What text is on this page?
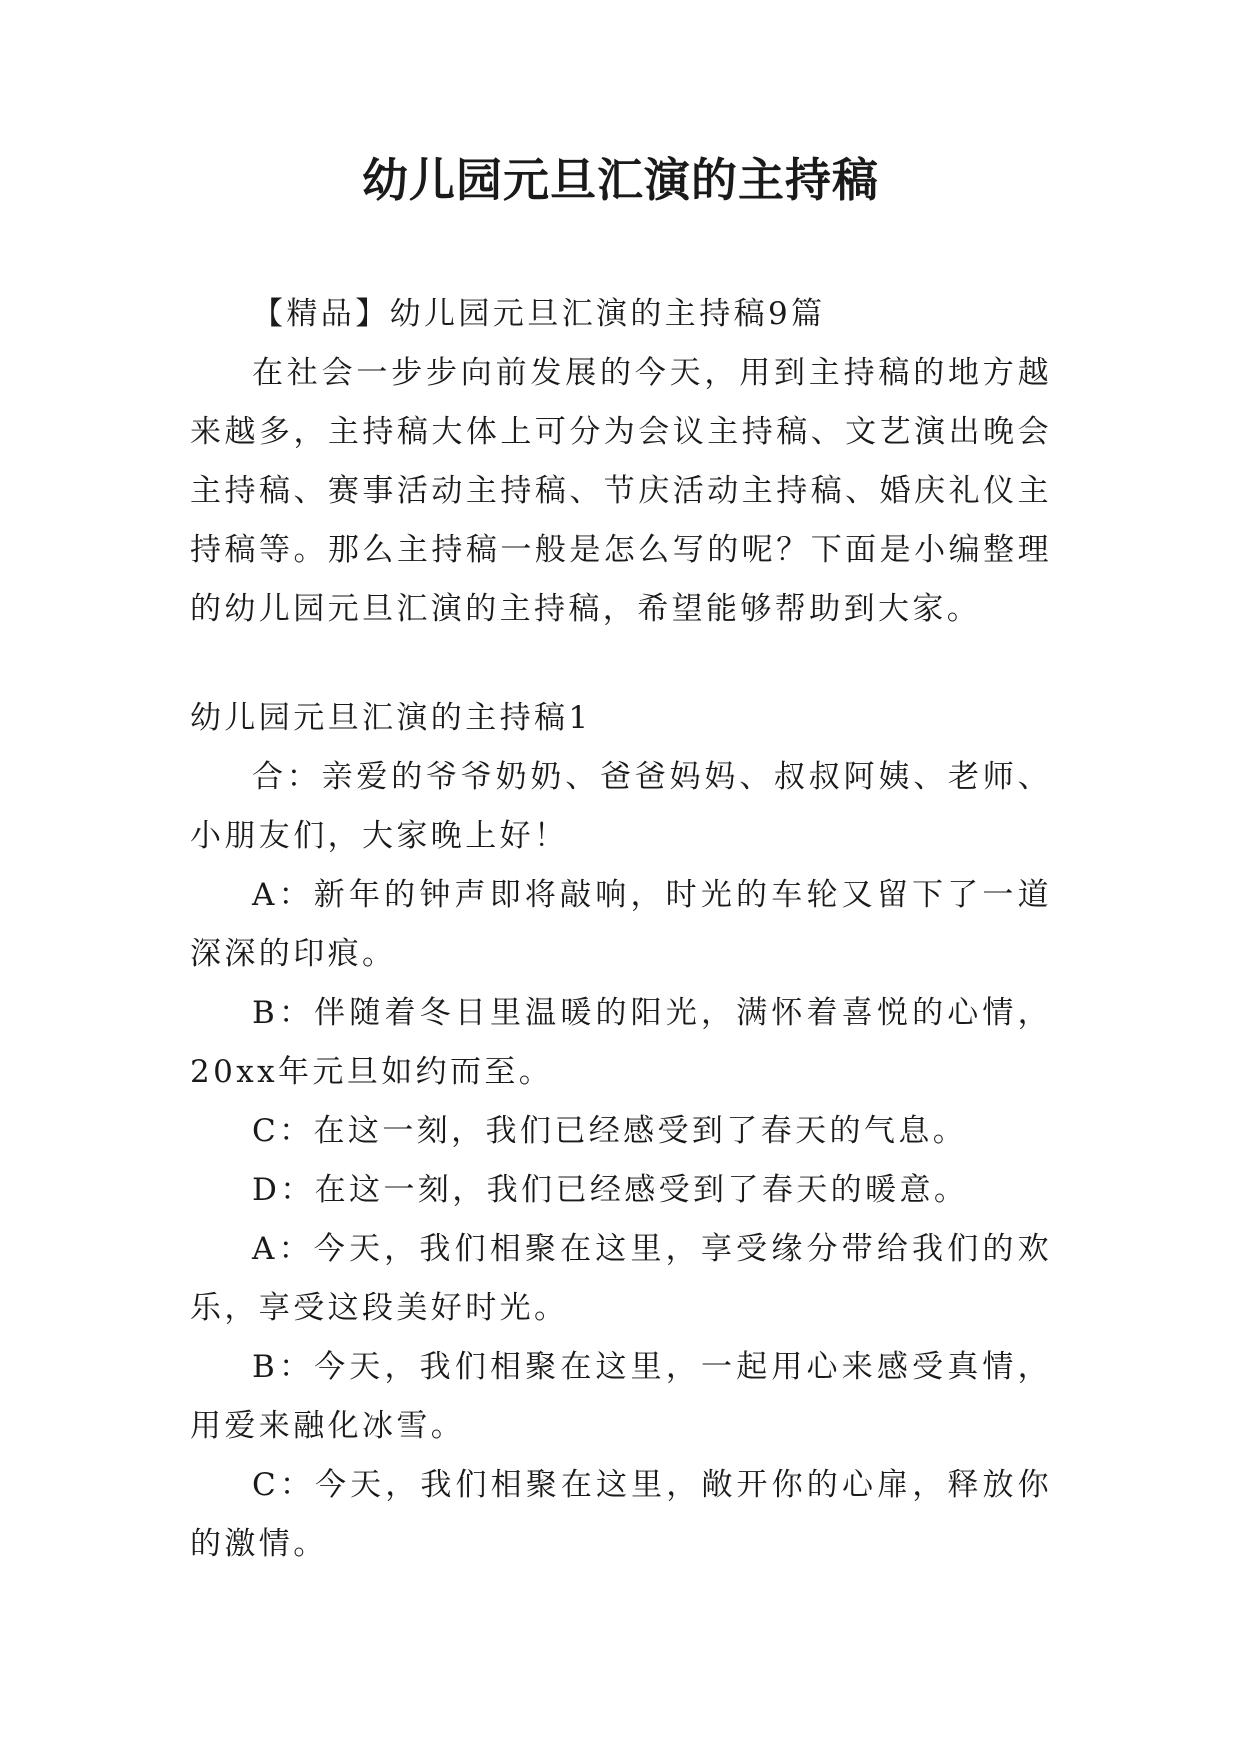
幼儿园元旦汇演的主持稿

【精品】幼儿园元旦汇演的主持稿9篇

在社会一步步向前发展的今天，用到主持稿的地方越来越多，主持稿大体上可分为会议主持稿、文艺演出晚会主持稿、赛事活动主持稿、节庆活动主持稿、婚庆礼仪主持稿等。那么主持稿一般是怎么写的呢？下面是小编整理的幼儿园元旦汇演的主持稿，希望能够帮助到大家。

幼儿园元旦汇演的主持稿1

合：亲爱的爷爷奶奶、爸爸妈妈、叔叔阿姨、老师、小朋友们，大家晚上好！

A：新年的钟声即将敲响，时光的车轮又留下了一道深深的印痕。

B：伴随着冬日里温暖的阳光，满怀着喜悦的心情，20xx年元旦如约而至。

C：在这一刻，我们已经感受到了春天的气息。

D：在这一刻，我们已经感受到了春天的暖意。

A：今天，我们相聚在这里，享受缘分带给我们的欢乐，享受这段美好时光。

B：今天，我们相聚在这里，一起用心来感受真情，用爱来融化冰雪。

C：今天，我们相聚在这里，敞开你的心扉，释放你的激情。
